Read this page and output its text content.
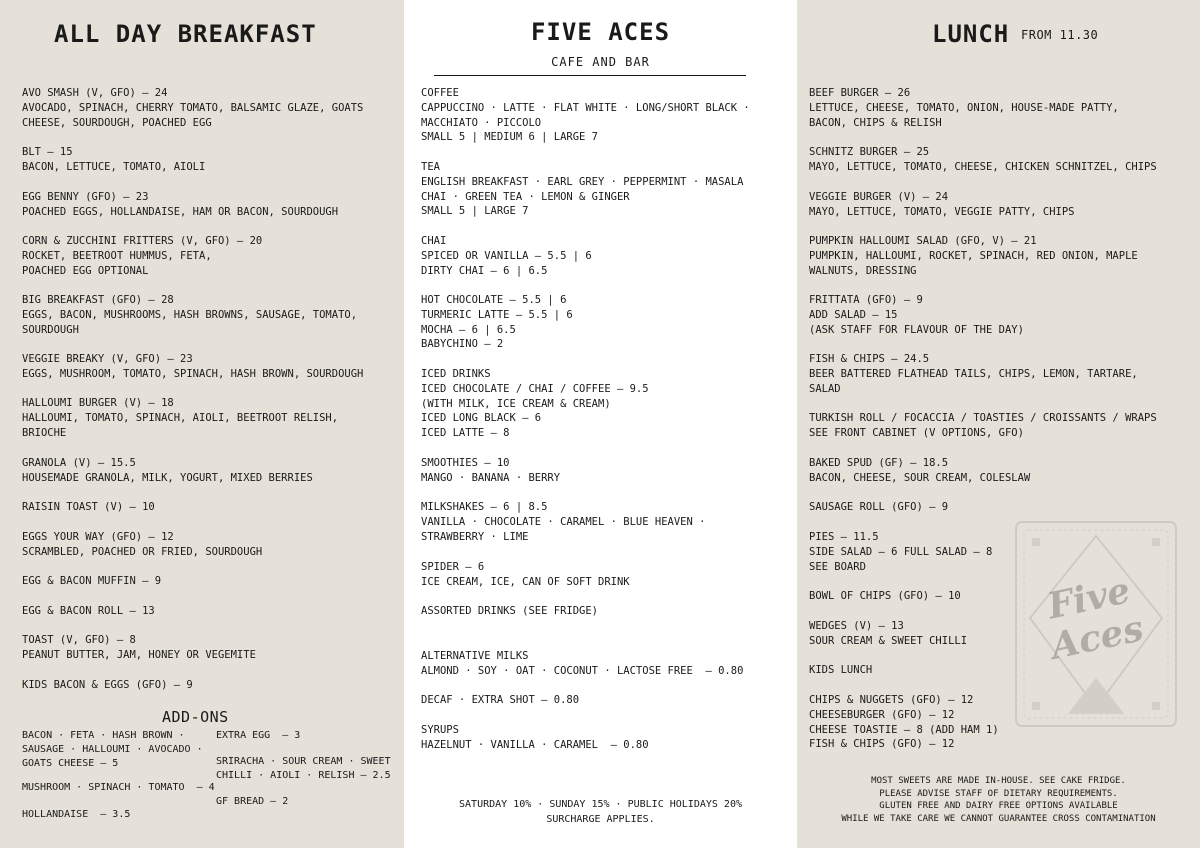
ALL DAY BREAKFAST
AVO SMASH (V, GFO) — 24
AVOCADO, SPINACH, CHERRY TOMATO, BALSAMIC GLAZE, GOATS
CHEESE, SOURDOUGH, POACHED EGG
BLT — 15
BACON, LETTUCE, TOMATO, AIOLI
EGG BENNY (GFO) — 23
POACHED EGGS, HOLLANDAISE, HAM OR BACON, SOURDOUGH
CORN & ZUCCHINI FRITTERS (V, GFO) — 20
ROCKET, BEETROOT HUMMUS, FETA,
POACHED EGG OPTIONAL
BIG BREAKFAST (GFO) — 28
EGGS, BACON, MUSHROOMS, HASH BROWNS, SAUSAGE, TOMATO,
SOURDOUGH
VEGGIE BREAKY (V, GFO) — 23
EGGS, MUSHROOM, TOMATO, SPINACH, HASH BROWN, SOURDOUGH
HALLOUMI BURGER (V) — 18
HALLOUMI, TOMATO, SPINACH, AIOLI, BEETROOT RELISH,
BRIOCHE
GRANOLA (V) — 15.5
HOUSEMADE GRANOLA, MILK, YOGURT, MIXED BERRIES
RAISIN TOAST (V) — 10
EGGS YOUR WAY (GFO) — 12
SCRAMBLED, POACHED OR FRIED, SOURDOUGH
EGG & BACON MUFFIN — 9
EGG & BACON ROLL — 13
TOAST (V, GFO) — 8
PEANUT BUTTER, JAM, HONEY OR VEGEMITE
KIDS BACON & EGGS (GFO) — 9
ADD-ONS
BACON · FETA · HASH BROWN ·
SAUSAGE · HALLOUMI · AVOCADO ·
GOATS CHEESE — 5
MUSHROOM · SPINACH · TOMATO  — 4
HOLLANDAISE  — 3.5
EXTRA EGG  — 3
SRIRACHA · SOUR CREAM · SWEET
CHILLI · AIOLI · RELISH — 2.5
GF BREAD — 2
FIVE ACES
CAFE AND BAR
COFFEE
CAPPUCCINO · LATTE · FLAT WHITE · LONG/SHORT BLACK ·
MACCHIATO · PICCOLO
SMALL 5 | MEDIUM 6 | LARGE 7
TEA
ENGLISH BREAKFAST · EARL GREY · PEPPERMINT · MASALA
CHAI · GREEN TEA · LEMON & GINGER
SMALL 5 | LARGE 7
CHAI
SPICED OR VANILLA — 5.5 | 6
DIRTY CHAI — 6 | 6.5
HOT CHOCOLATE — 5.5 | 6
TURMERIC LATTE — 5.5 | 6
MOCHA — 6 | 6.5
BABYCHINO — 2
ICED DRINKS
ICED CHOCOLATE / CHAI / COFFEE — 9.5
(WITH MILK, ICE CREAM & CREAM)
ICED LONG BLACK — 6
ICED LATTE — 8
SMOOTHIES — 10
MANGO · BANANA · BERRY
MILKSHAKES — 6 | 8.5
VANILLA · CHOCOLATE · CARAMEL · BLUE HEAVEN ·
STRAWBERRY · LIME
SPIDER — 6
ICE CREAM, ICE, CAN OF SOFT DRINK
ASSORTED DRINKS (SEE FRIDGE)
ALTERNATIVE MILKS
ALMOND · SOY · OAT · COCONUT · LACTOSE FREE  — 0.80
DECAF · EXTRA SHOT — 0.80
SYRUPS
HAZELNUT · VANILLA · CARAMEL  — 0.80
SATURDAY 10% · SUNDAY 15% · PUBLIC HOLIDAYS 20%
SURCHARGE APPLIES.
LUNCH FROM 11.30
BEEF BURGER — 26
LETTUCE, CHEESE, TOMATO, ONION, HOUSE-MADE PATTY,
BACON, CHIPS & RELISH
SCHNITZ BURGER — 25
MAYO, LETTUCE, TOMATO, CHEESE, CHICKEN SCHNITZEL, CHIPS
VEGGIE BURGER (V) — 24
MAYO, LETTUCE, TOMATO, VEGGIE PATTY, CHIPS
PUMPKIN HALLOUMI SALAD (GFO, V) — 21
PUMPKIN, HALLOUMI, ROCKET, SPINACH, RED ONION, MAPLE
WALNUTS, DRESSING
FRITTATA (GFO) — 9
ADD SALAD — 15
(ASK STAFF FOR FLAVOUR OF THE DAY)
FISH & CHIPS — 24.5
BEER BATTERED FLATHEAD TAILS, CHIPS, LEMON, TARTARE,
SALAD
TURKISH ROLL / FOCACCIA / TOASTIES / CROISSANTS / WRAPS
SEE FRONT CABINET (V OPTIONS, GFO)
BAKED SPUD (GF) — 18.5
BACON, CHEESE, SOUR CREAM, COLESLAW
SAUSAGE ROLL (GFO) — 9
PIES — 11.5
SIDE SALAD — 6 FULL SALAD — 8
SEE BOARD
BOWL OF CHIPS (GFO) — 10
WEDGES (V) — 13
SOUR CREAM & SWEET CHILLI
KIDS LUNCH
CHIPS & NUGGETS (GFO) — 12
CHEESEBURGER (GFO) — 12
CHEESE TOASTIE — 8 (ADD HAM 1)
FISH & CHIPS (GFO) — 12
MOST SWEETS ARE MADE IN-HOUSE. SEE CAKE FRIDGE.
PLEASE ADVISE STAFF OF DIETARY REQUIREMENTS.
GLUTEN FREE AND DAIRY FREE OPTIONS AVAILABLE
WHILE WE TAKE CARE WE CANNOT GUARANTEE CROSS CONTAMINATION
Five Aces
